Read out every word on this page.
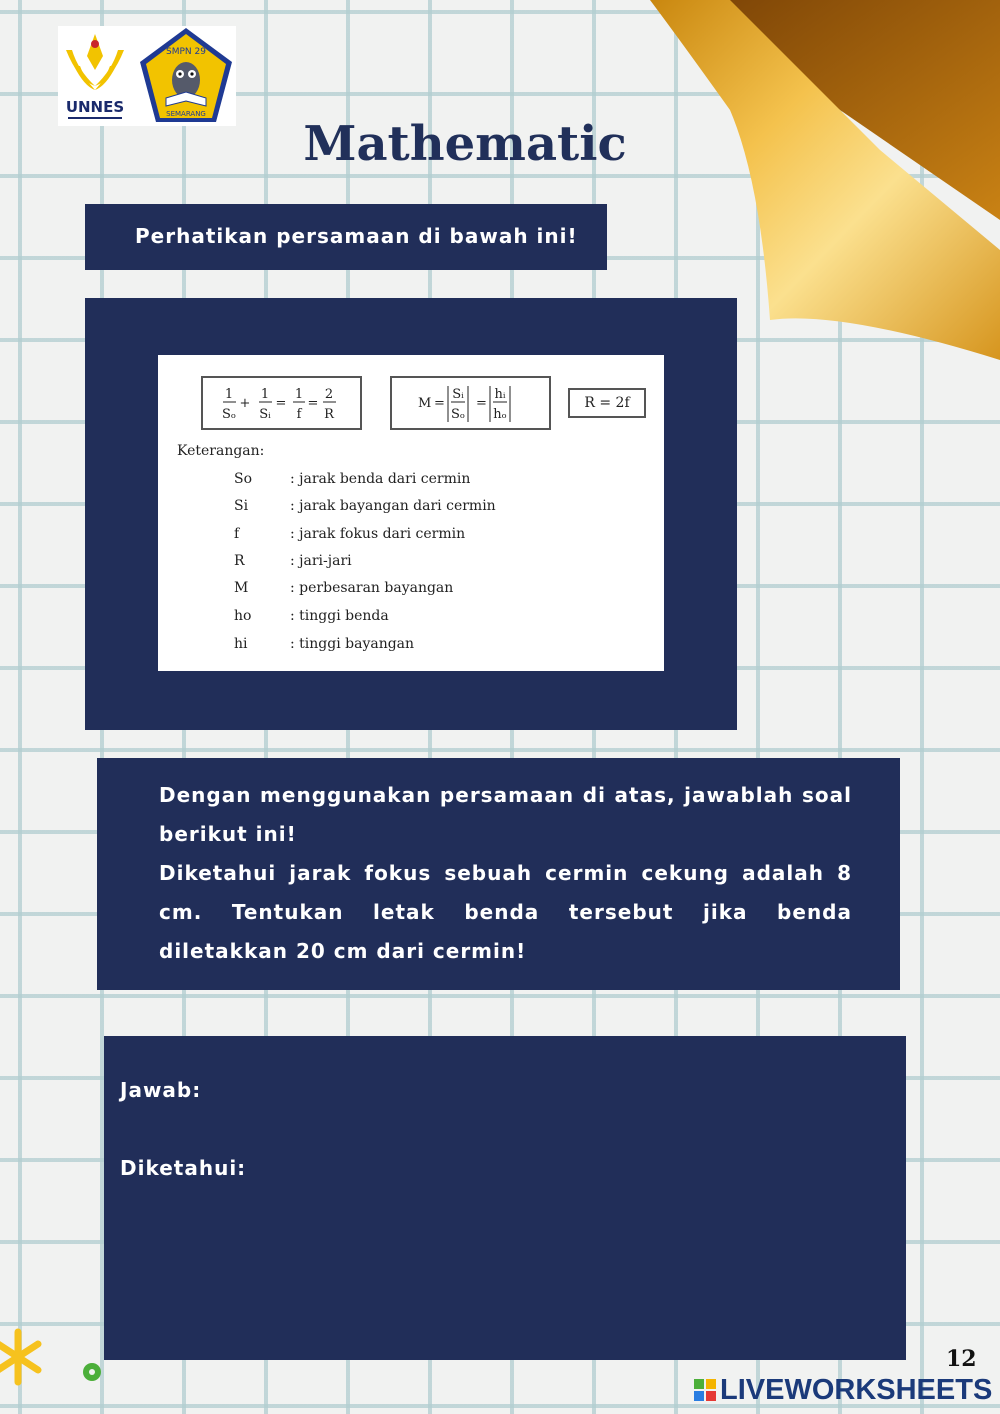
UNNES
SMPN 29
SEMARANG
Mathematic
Perhatikan persamaan di bawah ini!
1
Sₒ
+
1
Sᵢ
=
1
f
=
2
R
M =
Sᵢ
Sₒ
=
hᵢ
hₒ
R = 2f
Keterangan:
So	: jarak benda dari cermin
Si	: jarak bayangan dari cermin
f	: jarak fokus dari cermin
R	: jari-jari
M	: perbesaran bayangan
ho	: tinggi benda
hi	: tinggi bayangan

Dengan menggunakan persamaan di atas, jawablah soal berikut ini!

Diketahui jarak fokus sebuah cermin cekung adalah 8 cm. Tentukan letak benda tersebut jika benda diletakkan 20 cm dari cermin!

Jawab:
Diketahui:
12
LIVEWORKSHEETS
